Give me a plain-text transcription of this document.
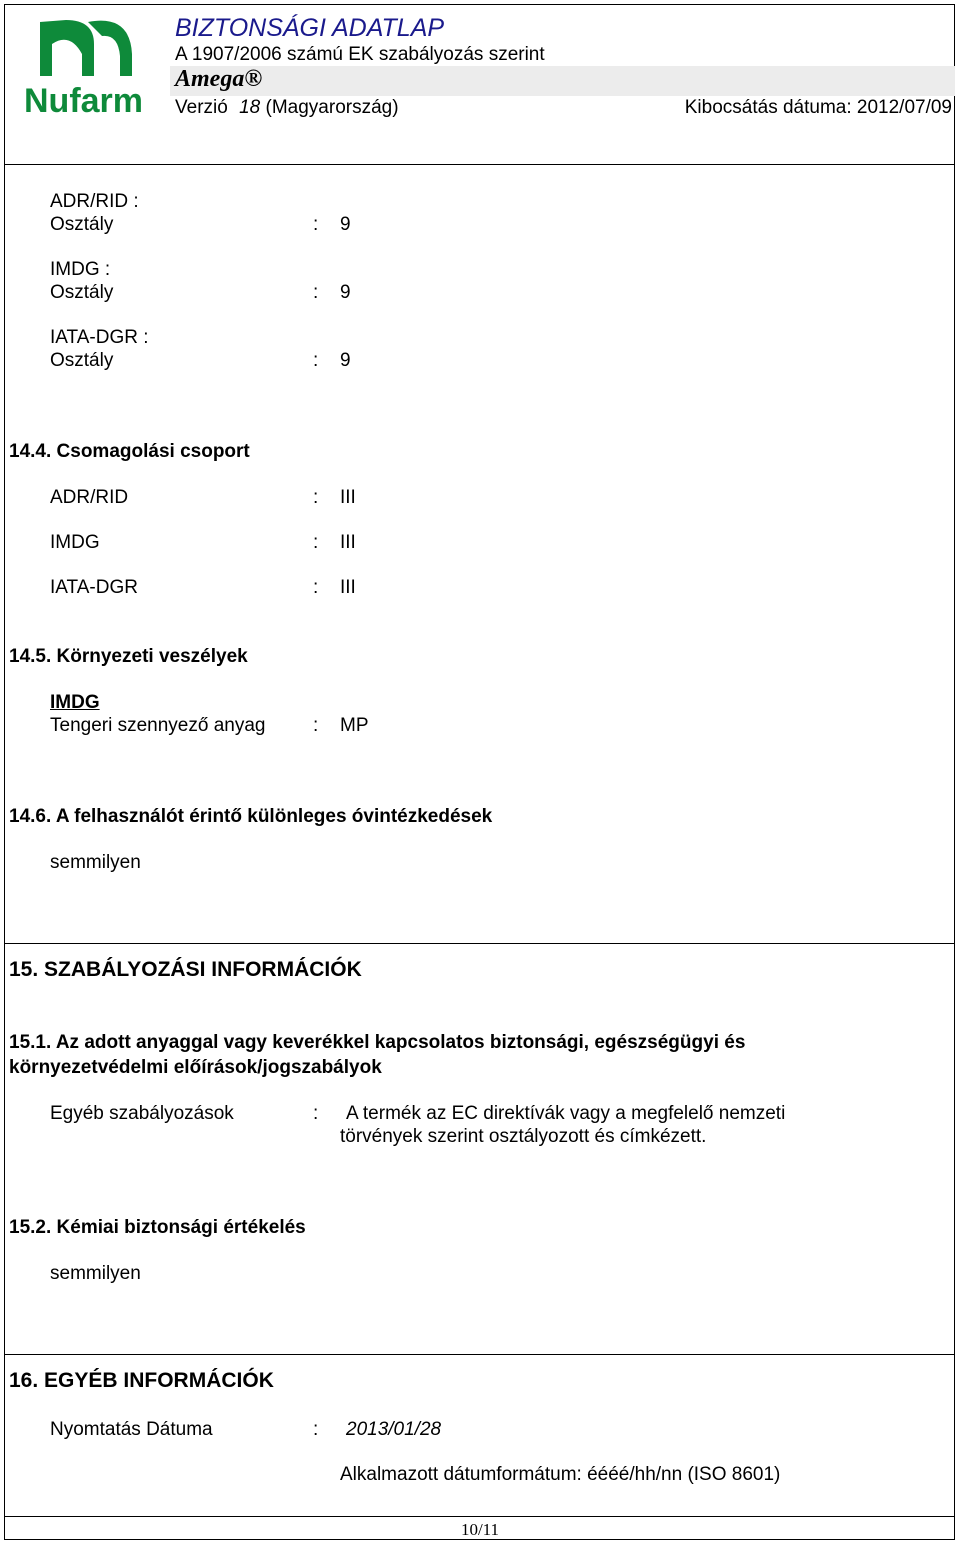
Nufarm
BIZTONSÁGI ADATLAP
A 1907/2006 számú EK szabályozás szerint
Amega®
Verzió 18 (Magyarország)	Kibocsátás dátuma: 2012/07/09
ADR/RID :
Osztály	: 9
IMDG :
Osztály	: 9
IATA-DGR :
Osztály	: 9
14.4. Csomagolási csoport
ADR/RID	: III
IMDG	: III
IATA-DGR	: III
14.5. Környezeti veszélyek
IMDG
Tengeri szennyező anyag	: MP
14.6. A felhasználót érintő különleges óvintézkedések
semmilyen
15. SZABÁLYOZÁSI INFORMÁCIÓK
15.1. Az adott anyaggal vagy keverékkel kapcsolatos biztonsági, egészségügyi és
környezetvédelmi előírások/jogszabályok
Egyéb szabályozások	: A termék az EC direktívák vagy a megfelelő nemzeti
törvények szerint osztályozott és címkézett.
15.2. Kémiai biztonsági értékelés
semmilyen
16. EGYÉB INFORMÁCIÓK
Nyomtatás Dátuma	: 2013/01/28
Alkalmazott dátumformátum: éééé/hh/nn (ISO 8601)
10/11
